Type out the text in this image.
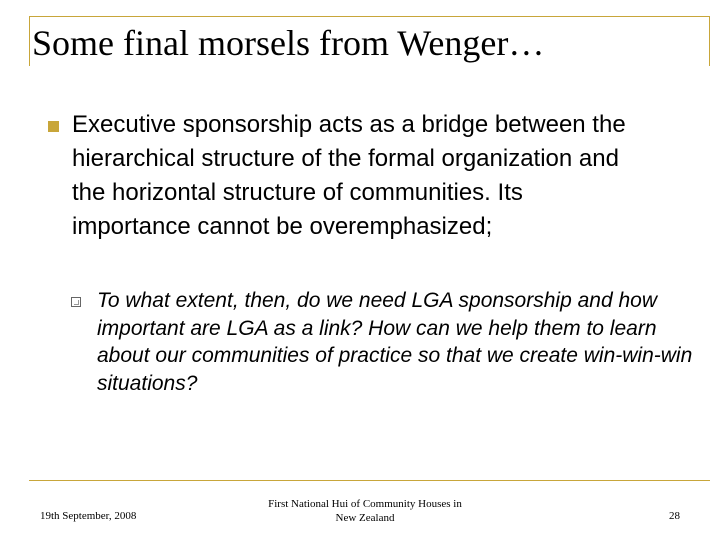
Some final morsels from Wenger…
Executive sponsorship acts as a bridge between the hierarchical structure of the formal organization and the horizontal structure of communities. Its importance cannot be overemphasized;
To what extent, then, do we need LGA sponsorship and how important are LGA as a link? How can we help them to learn about our communities of practice so that we create win-win-win situations?
19th September, 2008
First National Hui of Community Houses in
New Zealand	28
